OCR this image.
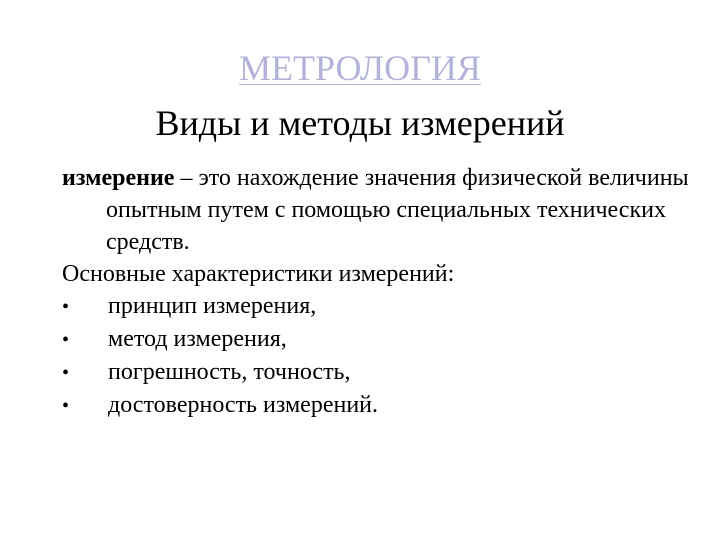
МЕТРОЛОГИЯ
Виды и методы измерений

измерение – это нахождение значения физической величины опытным путем с помощью специальных технических средств.

Основные характеристики измерений:

•	принцип измерения,
•	метод измерения,
•	погрешность, точность,
•	достоверность измерений.
